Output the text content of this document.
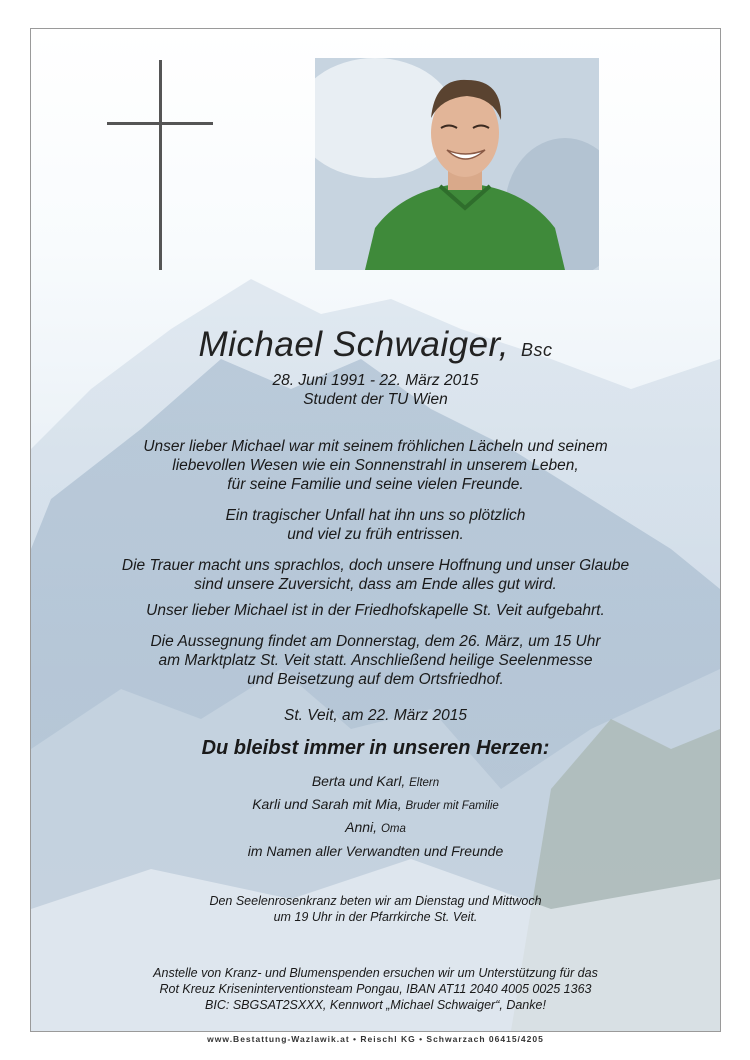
Michael Schwaiger, Bsc
28. Juni 1991 - 22. März 2015
Student der TU Wien
Unser lieber Michael war mit seinem fröhlichen Lächeln und seinem
liebevollen Wesen wie ein Sonnenstrahl in unserem Leben,
für seine Familie und seine vielen Freunde.
Ein tragischer Unfall hat ihn uns so plötzlich
und viel zu früh entrissen.
Die Trauer macht uns sprachlos, doch unsere Hoffnung und unser Glaube
sind unsere Zuversicht, dass am Ende alles gut wird.
Unser lieber Michael ist in der Friedhofskapelle St. Veit aufgebahrt.
Die Aussegnung findet am Donnerstag, dem 26. März, um 15 Uhr
am Marktplatz St. Veit statt. Anschließend heilige Seelenmesse
und Beisetzung auf dem Ortsfriedhof.
St. Veit, am 22. März 2015
Du bleibst immer in unseren Herzen:
Berta und Karl, Eltern
Karli und Sarah mit Mia, Bruder mit Familie
Anni, Oma
im Namen aller Verwandten und Freunde
Den Seelenrosenkranz beten wir am Dienstag und Mittwoch
um 19 Uhr in der Pfarrkirche St. Veit.
Anstelle von Kranz- und Blumenspenden ersuchen wir um Unterstützung für das
Rot Kreuz Kriseninterventionsteam Pongau, IBAN AT11 2040 4005 0025 1363
BIC: SBGSAT2SXXX, Kennwort „Michael Schwaiger“, Danke!
www.Bestattung-Wazlawik.at • Reischl KG • Schwarzach 06415/4205
